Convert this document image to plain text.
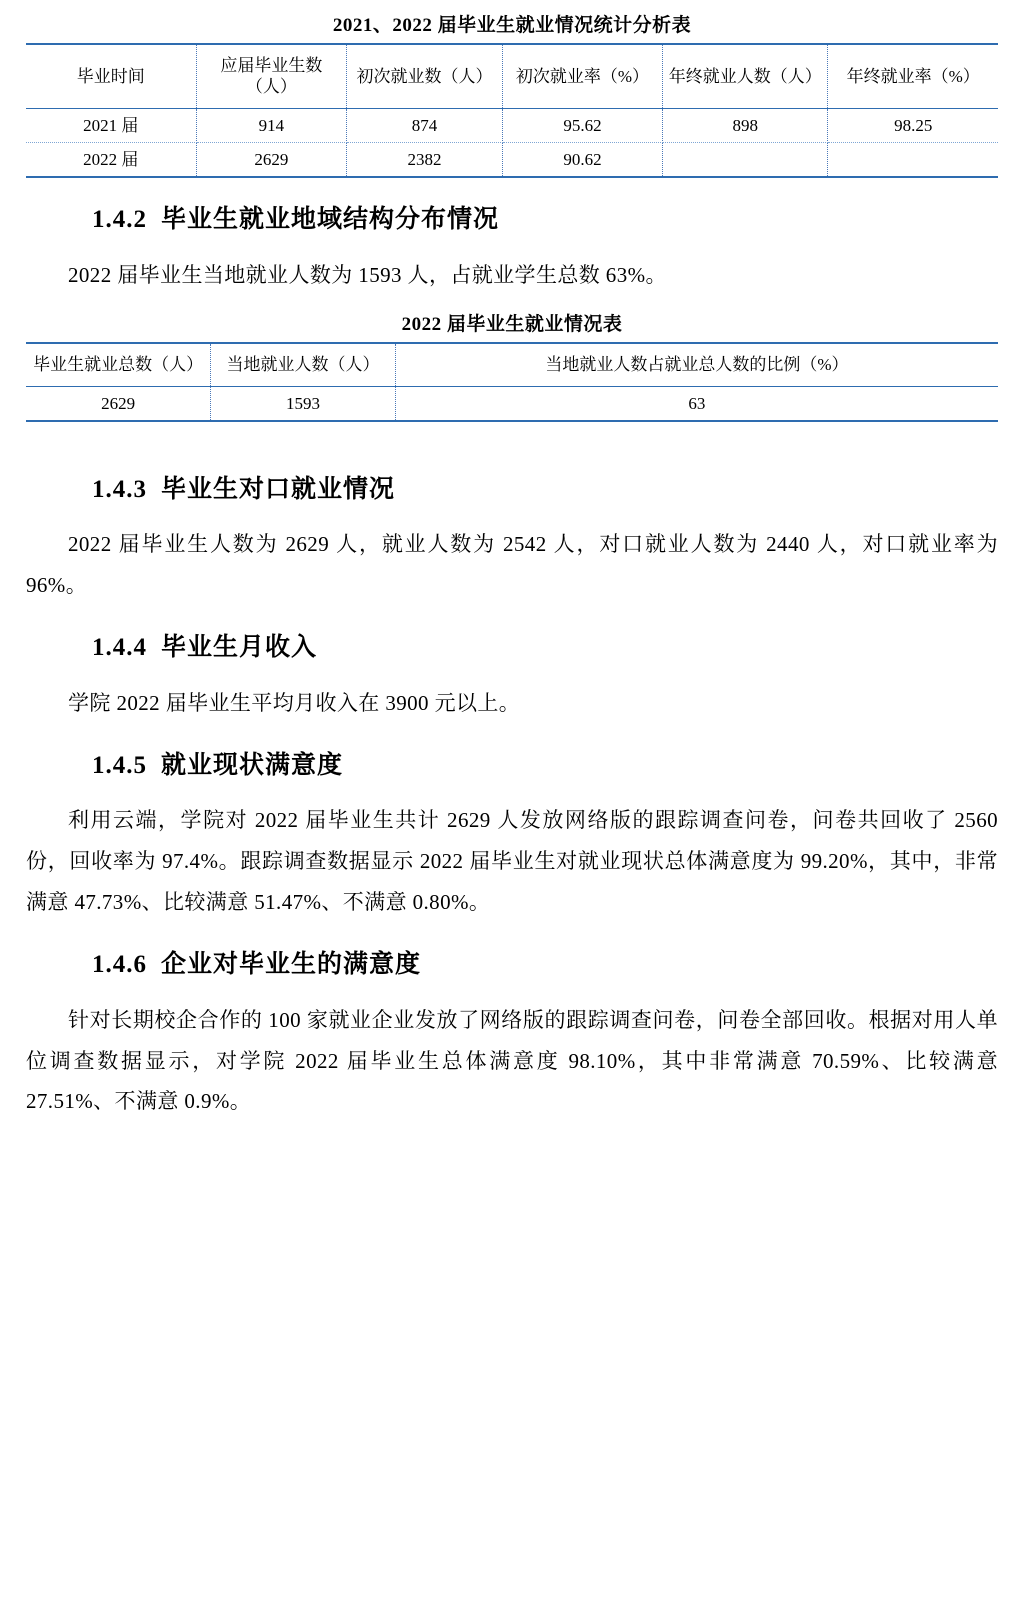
2021、2022 届毕业生就业情况统计分析表
毕业时间	应届毕业生数（人）	初次就业数（人）	初次就业率（%）	年终就业人数（人）	年终就业率（%）
2021 届	914	874	95.62	898	98.25
2022 届	2629	2382	90.62		
1.4.2 毕业生就业地域结构分布情况

2022 届毕业生当地就业人数为 1593 人，占就业学生总数 63%。

2022 届毕业生就业情况表
毕业生就业总数（人）	当地就业人数（人）	当地就业人数占就业总人数的比例（%）
2629	1593	63
1.4.3 毕业生对口就业情况

2022 届毕业生人数为 2629 人，就业人数为 2542 人，对口就业人数为 2440 人，对口就业率为 96%。

1.4.4 毕业生月收入

学院 2022 届毕业生平均月收入在 3900 元以上。

1.4.5 就业现状满意度

利用云端，学院对 2022 届毕业生共计 2629 人发放网络版的跟踪调查问卷，问卷共回收了 2560 份，回收率为 97.4%。跟踪调查数据显示 2022 届毕业生对就业现状总体满意度为 99.20%，其中，非常满意 47.73%、比较满意 51.47%、不满意 0.80%。

1.4.6 企业对毕业生的满意度

针对长期校企合作的 100 家就业企业发放了网络版的跟踪调查问卷，问卷全部回收。根据对用人单位调查数据显示，对学院 2022 届毕业生总体满意度 98.10%，其中非常满意 70.59%、比较满意 27.51%、不满意 0.9%。
